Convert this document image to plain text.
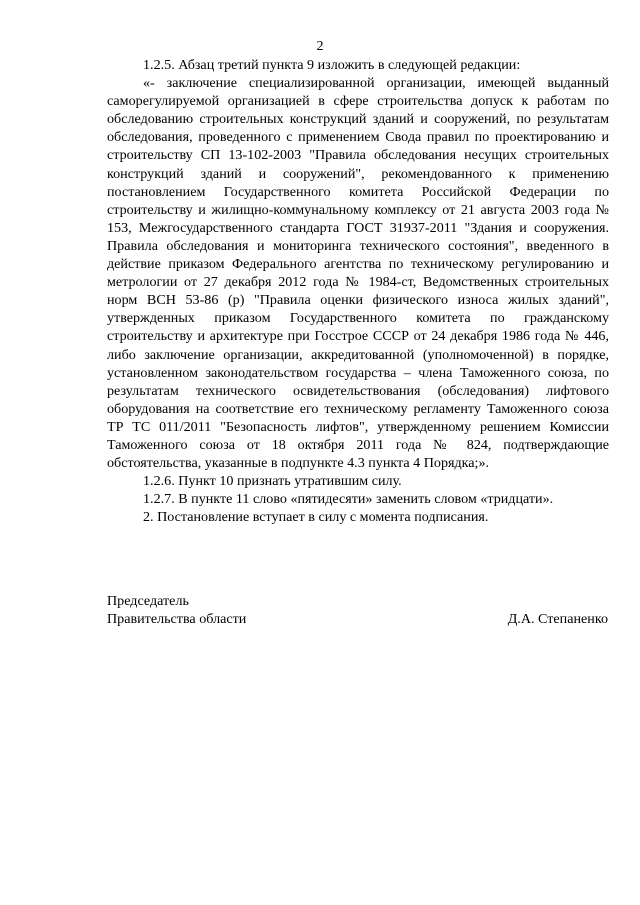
2

1.2.5. Абзац третий пункта 9 изложить в следующей редакции:

«- заключение специализированной организации, имеющей выданный саморегулируемой организацией в сфере строительства допуск к работам по обследованию строительных конструкций зданий и сооружений, по результатам обследования, проведенного с применением Свода правил по проектированию и строительству СП 13-102-2003 "Правила обследования несущих строительных конструкций зданий и сооружений", рекомендованного к применению постановлением Государственного комитета Российской Федерации по строительству и жилищно-коммунальному комплексу от 21 августа 2003 года № 153, Межгосударственного стандарта ГОСТ 31937-2011 "Здания и сооружения. Правила обследования и мониторинга технического состояния", введенного в действие приказом Федерального агентства по техническому регулированию и метрологии от 27 декабря 2012 года № 1984-ст, Ведомственных строительных норм ВСН 53-86 (р) "Правила оценки физического износа жилых зданий", утвержденных приказом Государственного комитета по гражданскому строительству и архитектуре при Госстрое СССР от 24 декабря 1986 года № 446, либо заключение организации, аккредитованной (уполномоченной) в порядке, установленном законодательством государства – члена Таможенного союза, по результатам технического освидетельствования (обследования) лифтового оборудования на соответствие его техническому регламенту Таможенного союза ТР ТС 011/2011 "Безопасность лифтов", утвержденному решением Комиссии Таможенного союза от 18 октября 2011 года № 824, подтверждающие обстоятельства, указанные в подпункте 4.3 пункта 4 Порядка;».

1.2.6. Пункт 10 признать утратившим силу.

1.2.7. В пункте 11 слово «пятидесяти» заменить словом «тридцати».

2. Постановление вступает в силу с момента подписания.

Председатель
Правительства области	Д.А. Степаненко
